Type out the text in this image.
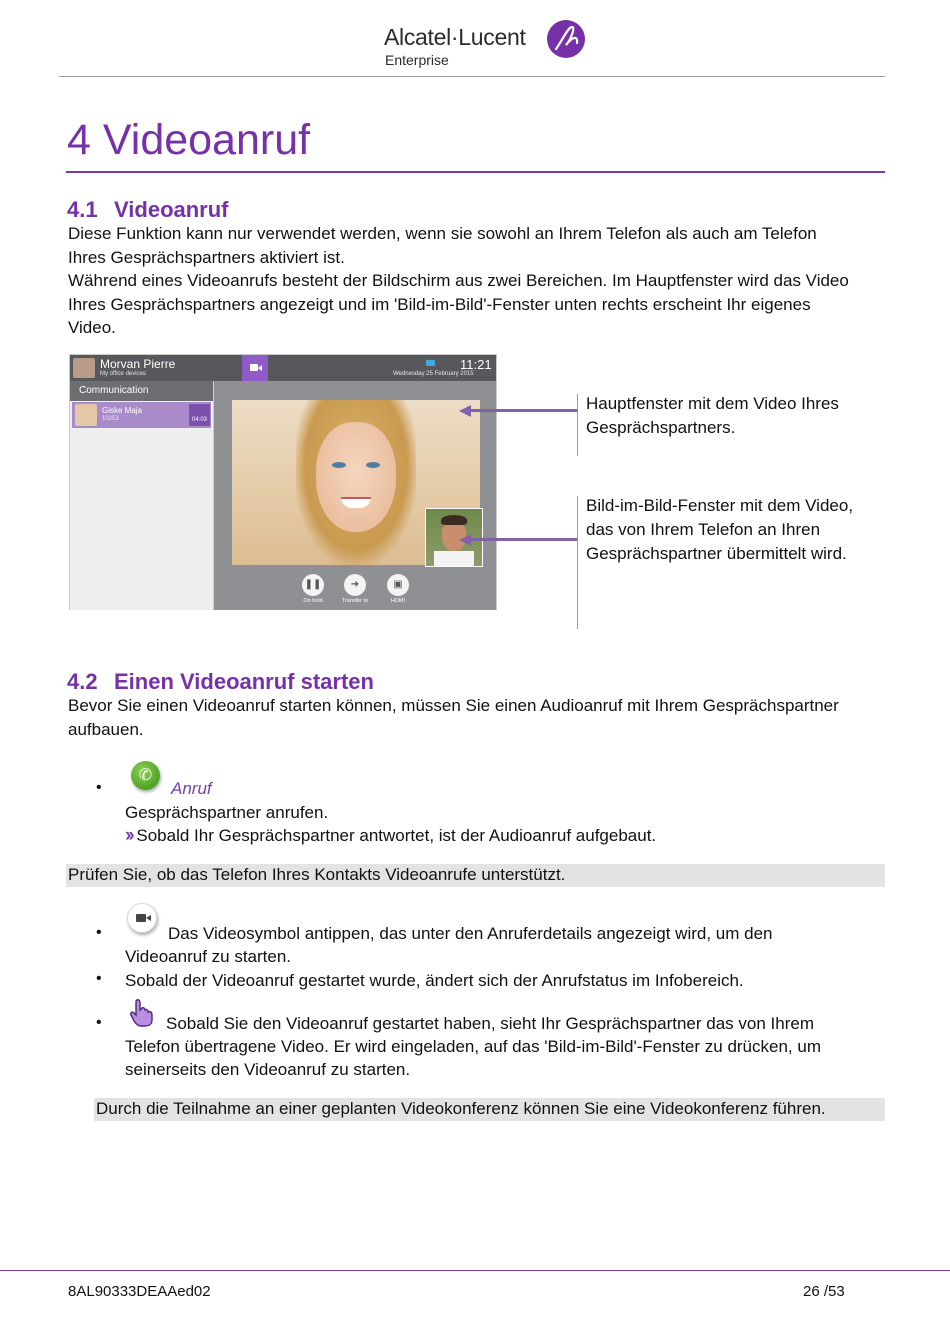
Alcatel·Lucent
Enterprise
4 Videoanruf
4.1 Videoanruf
Diese Funktion kann nur verwendet werden, wenn sie sowohl an Ihrem Telefon als auch am Telefon
Ihres Gesprächspartners aktiviert ist.
Während eines Videoanrufs besteht der Bildschirm aus zwei Bereichen. Im Hauptfenster wird das Video
Ihres Gesprächspartners angezeigt und im 'Bild-im-Bild'-Fenster unten rechts erscheint Ihr eigenes
Video.
Morvan Pierre
My office devices
11:21
Wednesday 25 February 2015
Communication
Giske Maja
10253	04:03
❚❚
On hold
➜
Transfer to
▣
HDMI
Hauptfenster mit dem Video Ihres
Gesprächspartners.
Bild-im-Bild-Fenster mit dem Video,
das von Ihrem Telefon an Ihren
Gesprächspartner übermittelt wird.
4.2 Einen Videoanruf starten
Bevor Sie einen Videoanruf starten können, müssen Sie einen Audioanruf mit Ihrem Gesprächspartner
aufbauen.
•
✆
Anruf
Gesprächspartner anrufen.
›› Sobald Ihr Gesprächspartner antwortet, ist der Audioanruf aufgebaut.
Prüfen Sie, ob das Telefon Ihres Kontakts Videoanrufe unterstützt.
•	Das Videosymbol antippen, das unter den Anruferdetails angezeigt wird, um den
Videoanruf zu starten.
• Sobald der Videoanruf gestartet wurde, ändert sich der Anrufstatus im Infobereich.
•	Sobald Sie den Videoanruf gestartet haben, sieht Ihr Gesprächspartner das von Ihrem
Telefon übertragene Video. Er wird eingeladen, auf das 'Bild-im-Bild'-Fenster zu drücken, um
seinerseits den Videoanruf zu starten.
Durch die Teilnahme an einer geplanten Videokonferenz können Sie eine Videokonferenz führen.
8AL90333DEAAed02	26 /53
